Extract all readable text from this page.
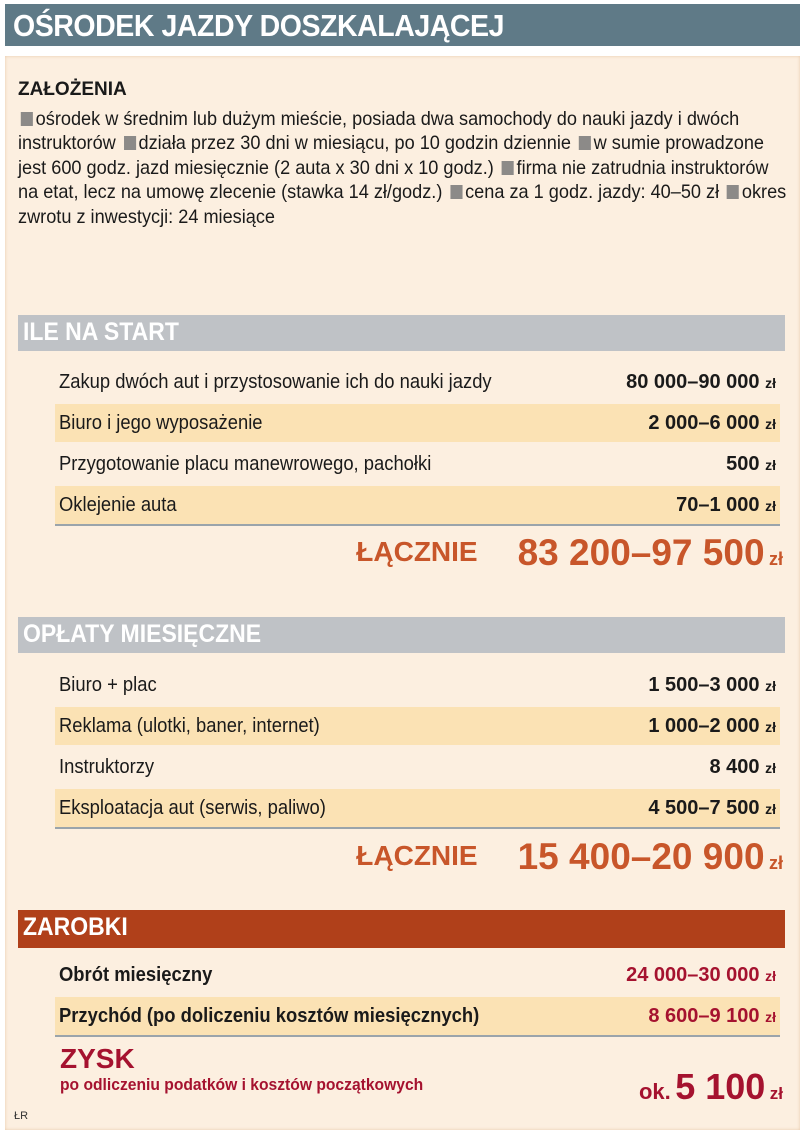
OŚRODEK JAZDY DOSZKALAJĄCEJ
ZAŁOŻENIA

ośrodek w średnim lub dużym mieście, posiada dwa samochody do nauki jazdy i dwóch instruktorów działa przez 30 dni w miesiącu, po 10 godzin dziennie w sumie prowadzone jest 600 godz. jazd miesięcznie (2 auta x 30 dni x 10 godz.) firma nie zatrudnia instruktorów na etat, lecz na umowę zlecenie (stawka 14 zł/godz.) cena za 1 godz. jazdy: 40–50 zł okres zwrotu z inwestycji: 24 miesiące

ILE NA START
Zakup dwóch aut i przystosowanie ich do nauki jazdy	80 000–90 000 zł
Biuro i jego wyposażenie	2 000–6 000 zł
Przygotowanie placu manewrowego, pachołki	500 zł
Oklejenie auta	70–1 000 zł
ŁĄCZNIE 83 200–97 500 zł
OPŁATY MIESIĘCZNE
Biuro + plac	1 500–3 000 zł
Reklama (ulotki, baner, internet)	1 000–2 000 zł
Instruktorzy	8 400 zł
Eksploatacja aut (serwis, paliwo)	4 500–7 500 zł
ŁĄCZNIE 15 400–20 900 zł
ZAROBKI
Obrót miesięczny	24 000–30 000 zł
Przychód (po doliczeniu kosztów miesięcznych)	8 600–9 100 zł
ZYSK
po odliczeniu podatków i kosztów początkowych	ok. 5 100 zł
ŁR
